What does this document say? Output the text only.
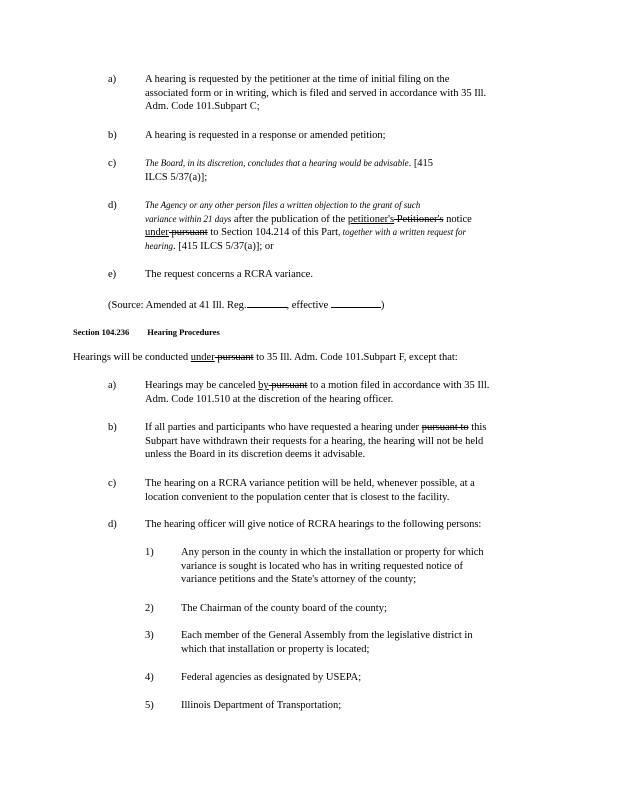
a)	A hearing is requested by the petitioner at the time of initial filing on the
associated form or in writing, which is filed and served in accordance with 35 Ill.
Adm. Code 101.Subpart C;
b)	A hearing is requested in a response or amended petition;
c)	The Board, in its discretion, concludes that a hearing would be advisable. [415
ILCS 5/37(a)];
d)	The Agency or any other person files a written objection to the grant of such
variance within 21 days after the publication of the petitioner's Petitioner's notice
under pursuant to Section 104.214 of this Part, together with a written request for
hearing. [415 ILCS 5/37(a)]; or
e)	The request concerns a RCRA variance.
(Source: Amended at 41 Ill. Reg.	, effective	)
Section 104.236 Hearing Procedures
Hearings will be conducted under pursuant to 35 Ill. Adm. Code 101.Subpart F, except that:
a)	Hearings may be canceled by pursuant to a motion filed in accordance with 35 Ill.
Adm. Code 101.510 at the discretion of the hearing officer.
b)	If all parties and participants who have requested a hearing under pursuant to this
Subpart have withdrawn their requests for a hearing, the hearing will not be held
unless the Board in its discretion deems it advisable.
c)	The hearing on a RCRA variance petition will be held, whenever possible, at a
location convenient to the population center that is closest to the facility.
d)	The hearing officer will give notice of RCRA hearings to the following persons:
1)	Any person in the county in which the installation or property for which
variance is sought is located who has in writing requested notice of
variance petitions and the State's attorney of the county;
2)	The Chairman of the county board of the county;
3)	Each member of the General Assembly from the legislative district in
which that installation or property is located;
4)	Federal agencies as designated by USEPA;
5)	Illinois Department of Transportation;
